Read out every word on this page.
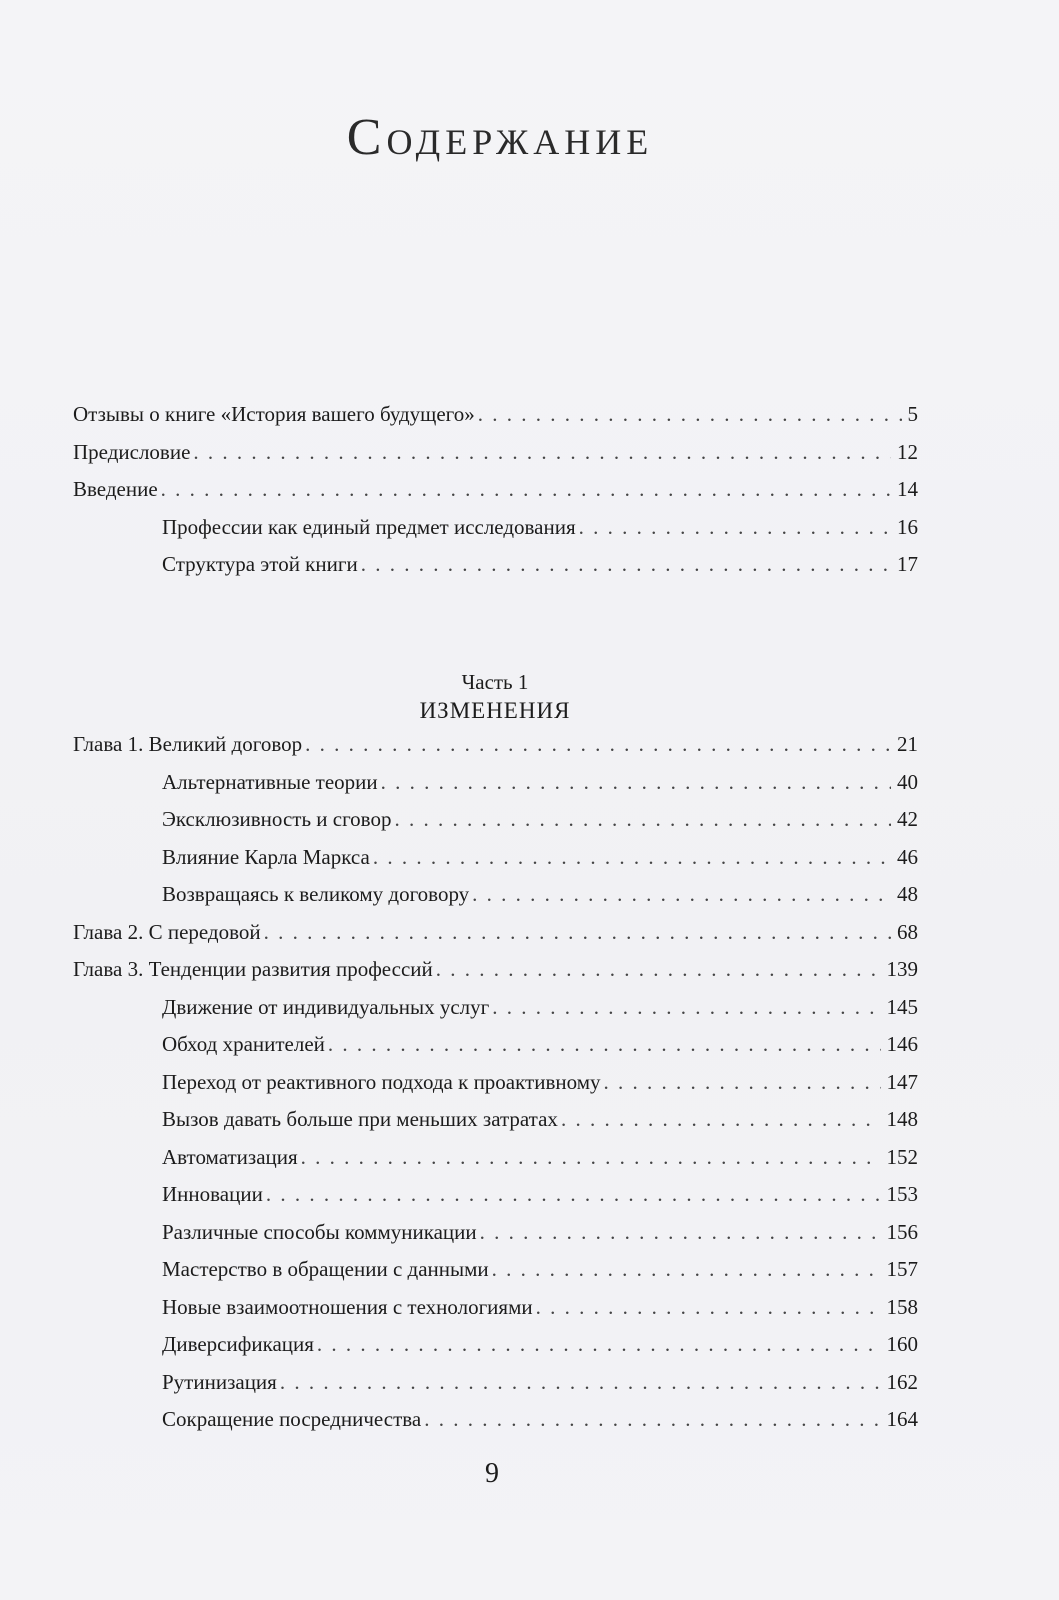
Содержание
Отзывы о книге «История вашего будущего» . . .	5
Предисловие . . .	12
Введение . . .	14
Профессии как единый предмет исследования . . .	16
Структура этой книги . . .	17

Часть 1

ИЗМЕНЕНИЯ

Глава 1. Великий договор . . .	21
Альтернативные теории . . .	40
Эксклюзивность и сговор . . .	42
Влияние Карла Маркса . . .	46
Возвращаясь к великому договору . . .	48
Глава 2. С передовой . . .	68
Глава 3. Тенденции развития профессий . . .	139
Движение от индивидуальных услуг . . .	145
Обход хранителей . . .	146
Переход от реактивного подхода к проактивному . . .	147
Вызов давать больше при меньших затратах . . .	148
Автоматизация . . .	152
Инновации . . .	153
Различные способы коммуникации . . .	156
Мастерство в обращении с данными . . .	157
Новые взаимоотношения с технологиями . . .	158
Диверсификация . . .	160
Рутинизация . . .	162
Сокращение посредничества . . .	164

9
